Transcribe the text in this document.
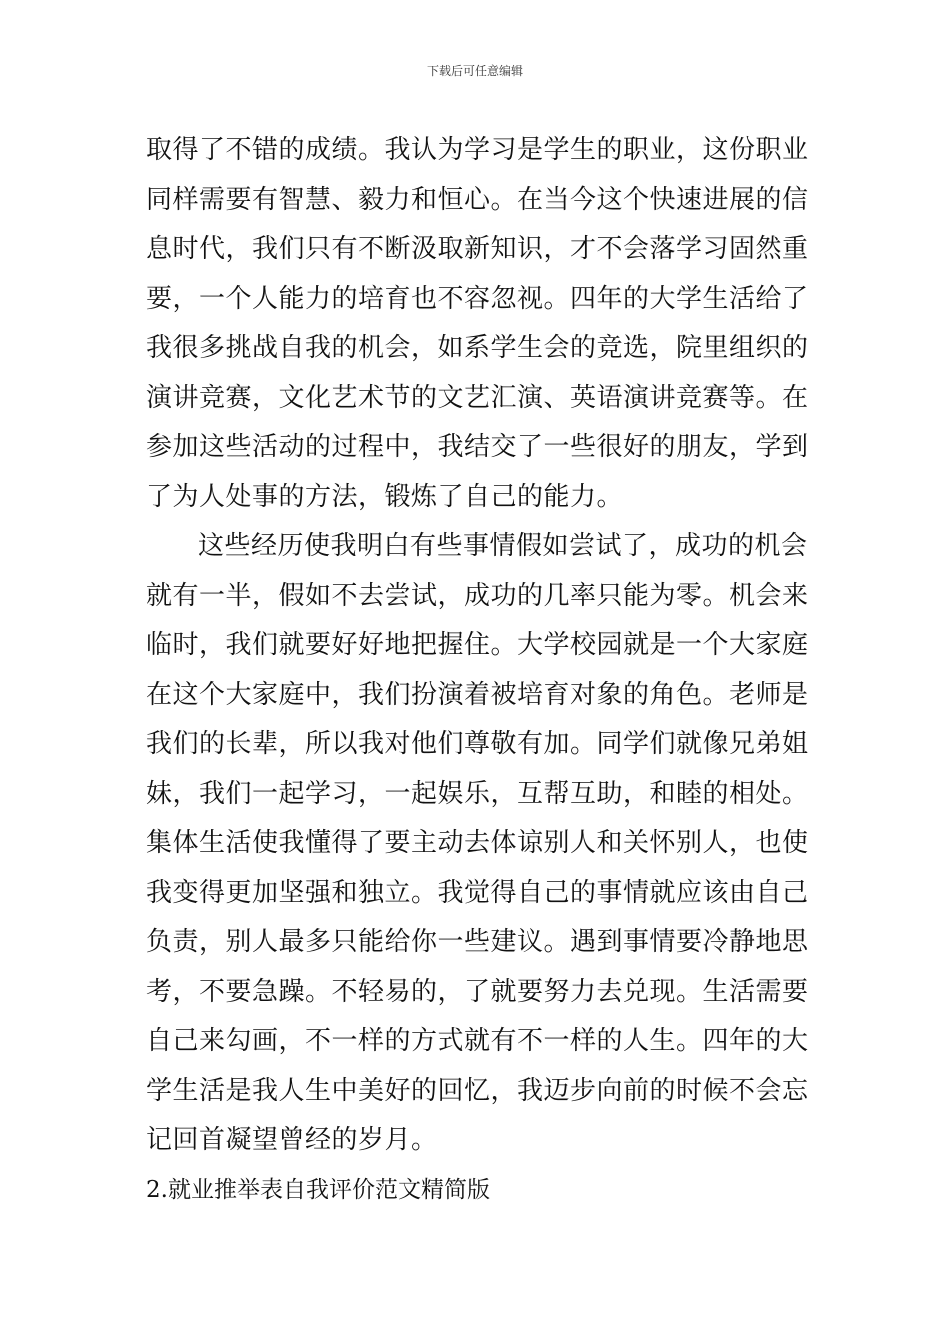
下载后可任意编辑
取得了不错的成绩。我认为学习是学生的职业，这份职业
同样需要有智慧、毅力和恒心。在当今这个快速进展的信
息时代，我们只有不断汲取新知识，才不会落学习固然重
要，一个人能力的培育也不容忽视。四年的大学生活给了
我很多挑战自我的机会，如系学生会的竞选，院里组织的
演讲竞赛，文化艺术节的文艺汇演、英语演讲竞赛等。在
参加这些活动的过程中，我结交了一些很好的朋友，学到
了为人处事的方法，锻炼了自己的能力。
这些经历使我明白有些事情假如尝试了，成功的机会
就有一半，假如不去尝试，成功的几率只能为零。机会来
临时，我们就要好好地把握住。大学校园就是一个大家庭
在这个大家庭中，我们扮演着被培育对象的角色。老师是
我们的长辈，所以我对他们尊敬有加。同学们就像兄弟姐
妹，我们一起学习，一起娱乐，互帮互助，和睦的相处。
集体生活使我懂得了要主动去体谅别人和关怀别人，也使
我变得更加坚强和独立。我觉得自己的事情就应该由自己
负责，别人最多只能给你一些建议。遇到事情要冷静地思
考，不要急躁。不轻易的，了就要努力去兑现。生活需要
自己来勾画，不一样的方式就有不一样的人生。四年的大
学生活是我人生中美好的回忆，我迈步向前的时候不会忘
记回首凝望曾经的岁月。
2.就业推举表自我评价范文精简版
